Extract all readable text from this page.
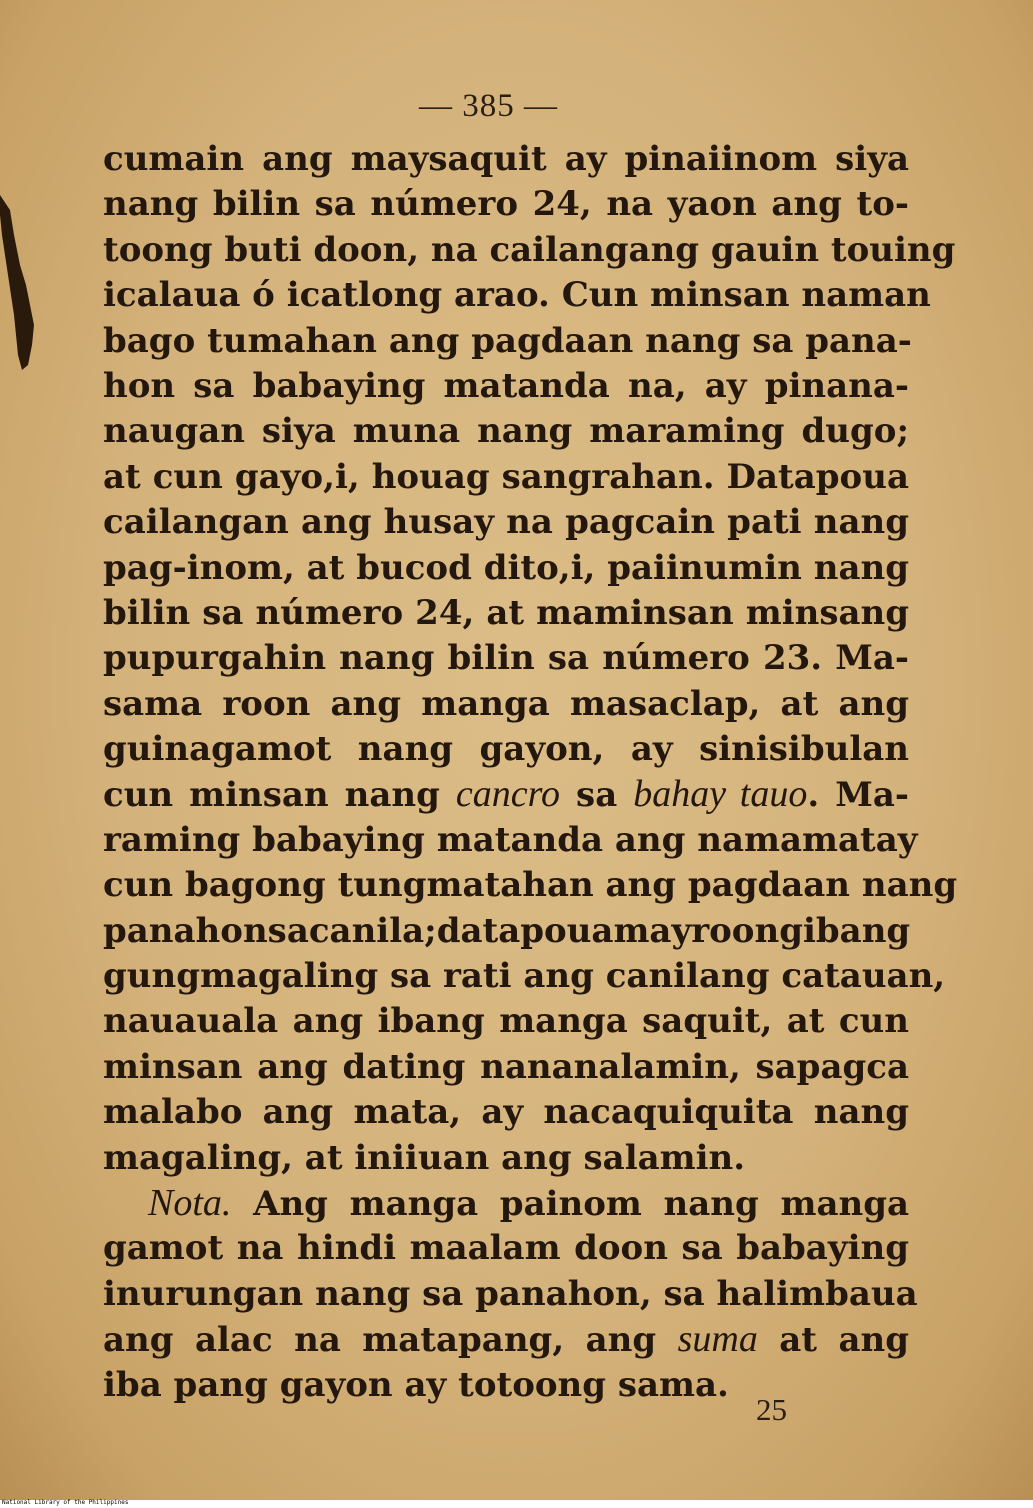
— 385 —
cumain ang maysaquit ay pinaiinom siya
nang bilin sa número 24, na yaon ang to-
toong buti doon, na cailangang gauin touing
icalaua ó icatlong arao. Cun minsan naman
bago tumahan ang pagdaan nang sa pana-
hon sa babaying matanda na, ay pinana-
naugan siya muna nang maraming dugo;
at cun gayo,i, houag sangrahan. Datapoua
cailangan ang husay na pagcain pati nang
pag-inom, at bucod dito,i, paiinumin nang
bilin sa número 24, at maminsan minsang
pupurgahin nang bilin sa número 23. Ma-
sama roon ang manga masaclap, at ang
guinagamot nang gayon, ay sinisibulan
cun minsan nang cancro sa bahay tauo. Ma-
raming babaying matanda ang namamatay
cun bagong tungmatahan ang pagdaan nang
panahonsacanila;datapouamayroongibang
gungmagaling sa rati ang canilang catauan,
nauauala ang ibang manga saquit, at cun
minsan ang dating nananalamin, sapagca
malabo ang mata, ay nacaquiquita nang
magaling, at iniiuan ang salamin.
Nota. Ang manga painom nang manga
gamot na hindi maalam doon sa babaying
inurungan nang sa panahon, sa halimbaua
ang alac na matapang, ang suma at ang
iba pang gayon ay totoong sama.
25
National Library of the Philippines
